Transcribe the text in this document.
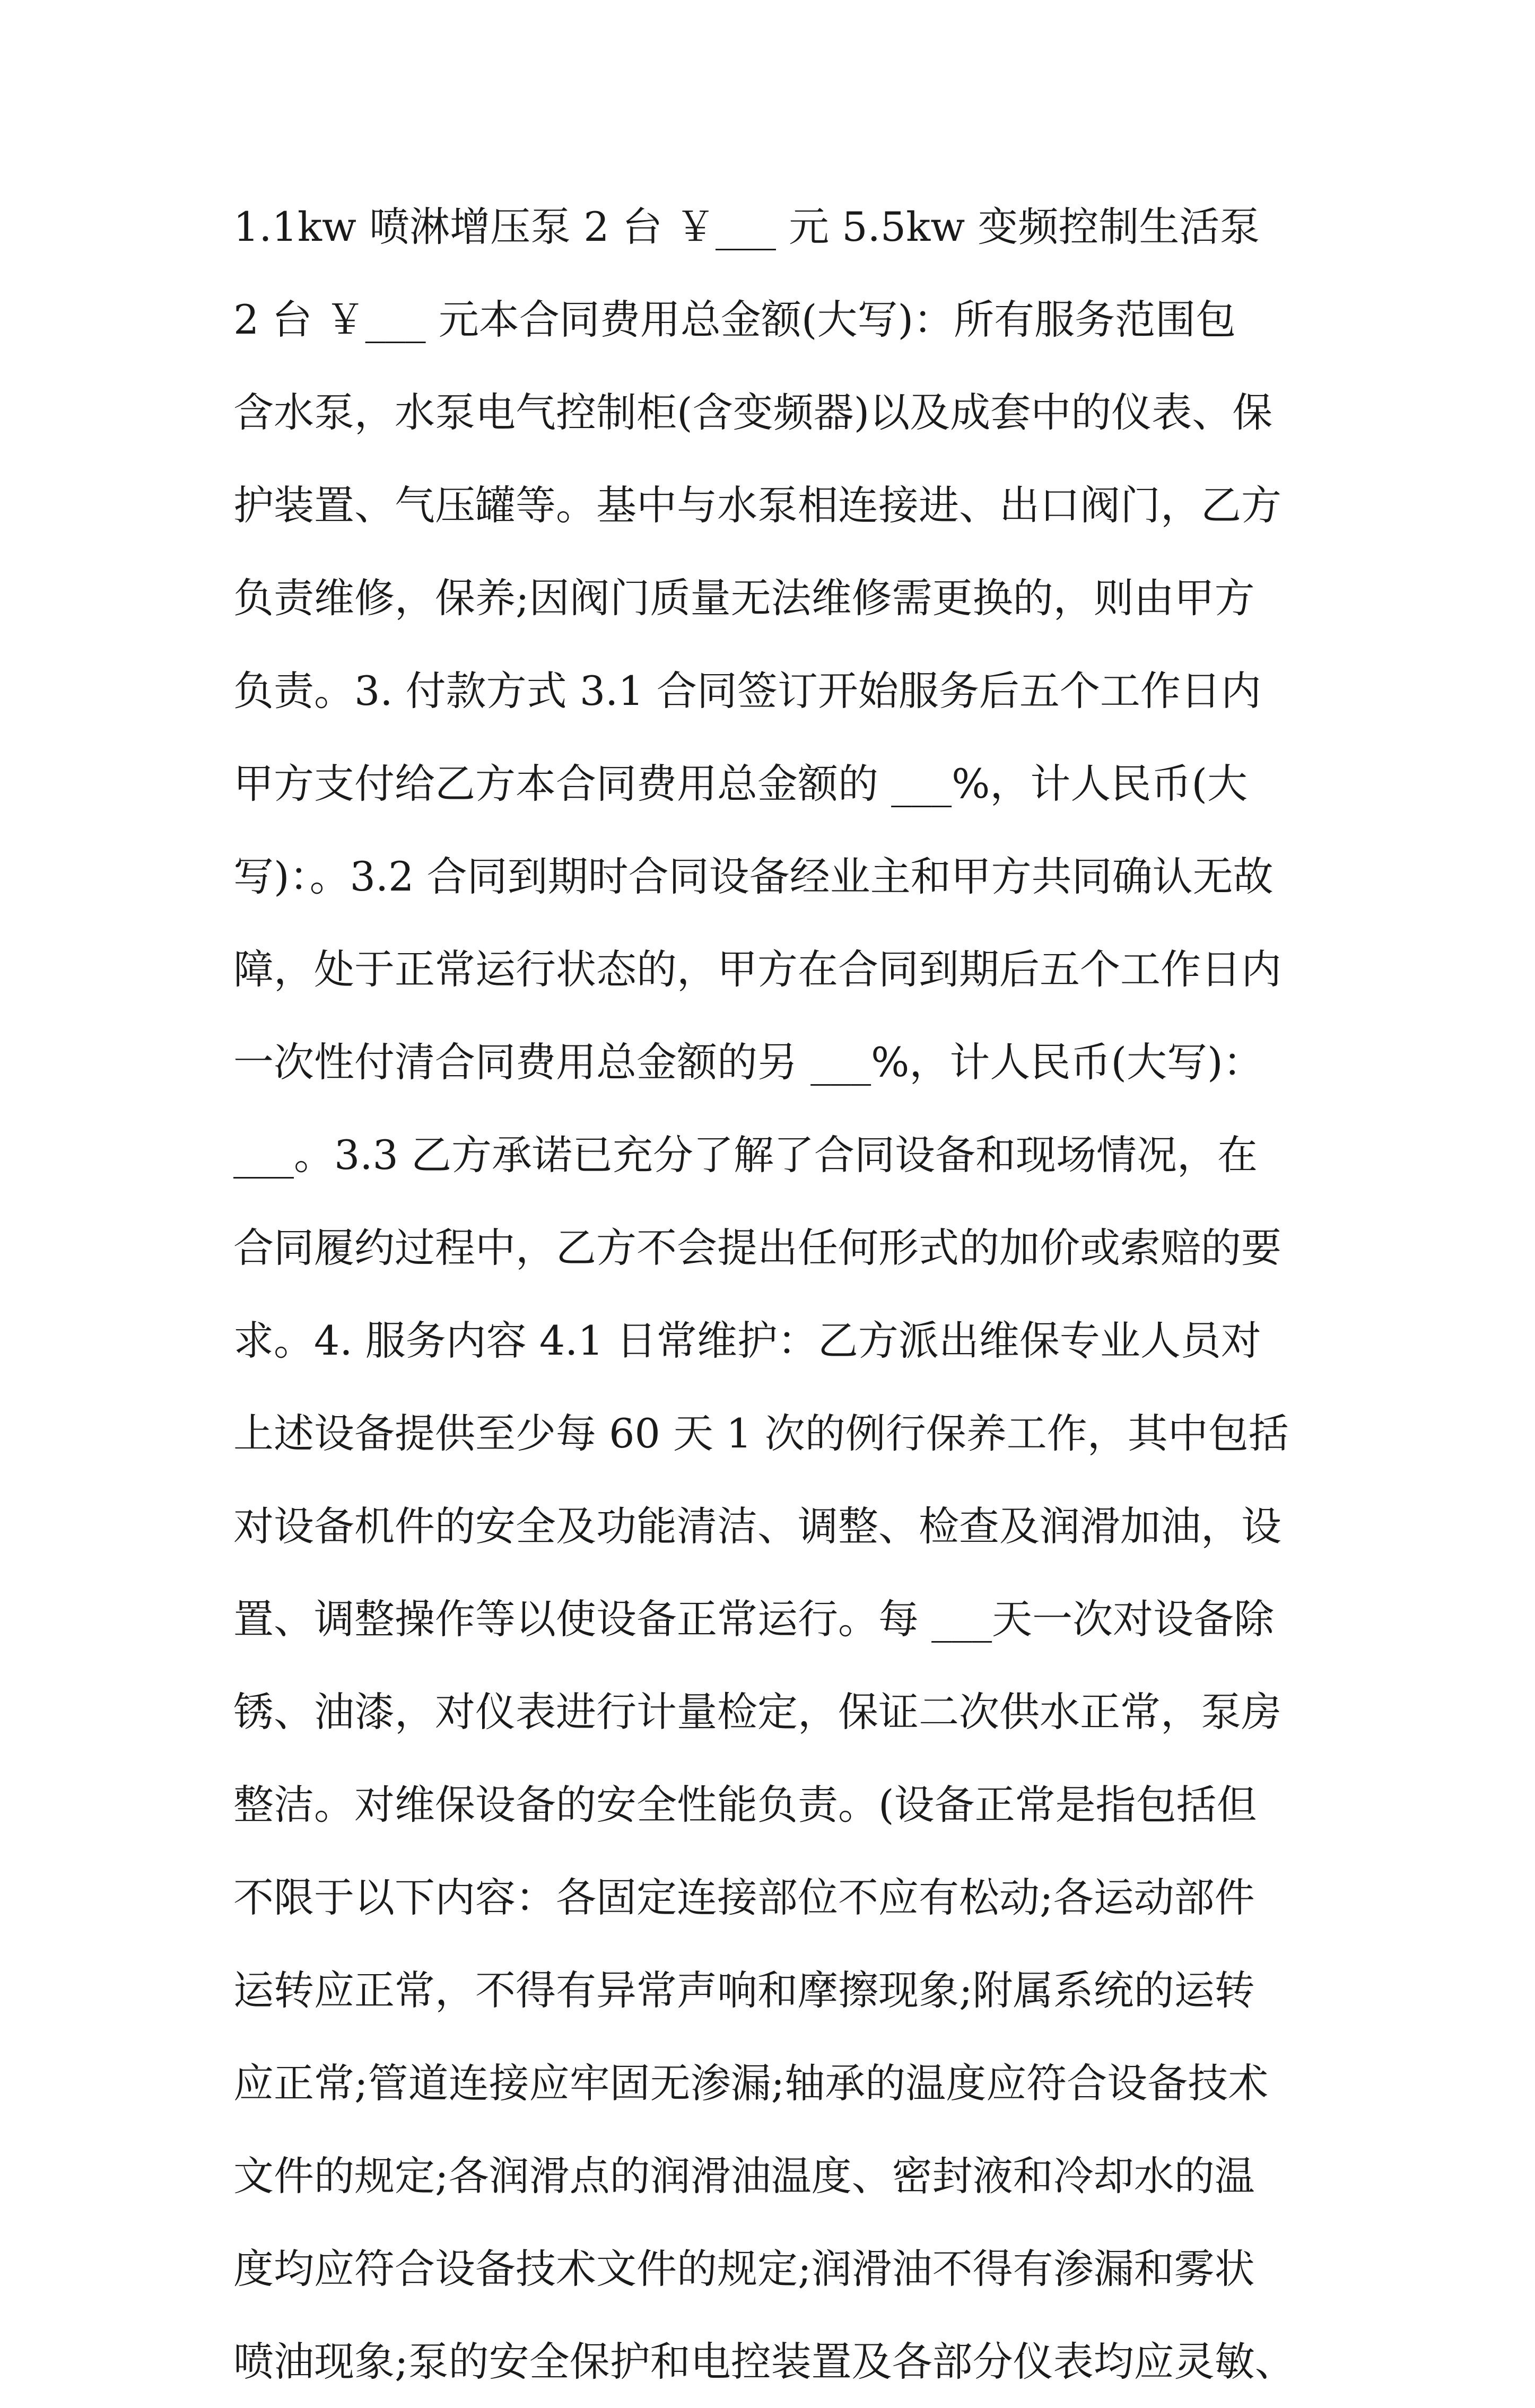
1.1kw 喷淋增压泵 2 台 ￥___ 元 5.5kw 变频控制生活泵
2 台 ￥___ 元本合同费用总金额(大写)：所有服务范围包
含水泵，水泵电气控制柜(含变频器)以及成套中的仪表、保
护装置、气压罐等。基中与水泵相连接进、出口阀门，乙方
负责维修，保养;因阀门质量无法维修需更换的，则由甲方
负责。3. 付款方式 3.1 合同签订开始服务后五个工作日内
甲方支付给乙方本合同费用总金额的 ___%，计人民币(大
写)：。3.2 合同到期时合同设备经业主和甲方共同确认无故
障，处于正常运行状态的，甲方在合同到期后五个工作日内
一次性付清合同费用总金额的另 ___%，计人民币(大写)：
___。3.3 乙方承诺已充分了解了合同设备和现场情况，在
合同履约过程中，乙方不会提出任何形式的加价或索赔的要
求。4. 服务内容 4.1 日常维护：乙方派出维保专业人员对
上述设备提供至少每 60 天 1 次的例行保养工作，其中包括
对设备机件的安全及功能清洁、调整、检查及润滑加油，设
置、调整操作等以使设备正常运行。每 ___天一次对设备除
锈、油漆，对仪表进行计量检定，保证二次供水正常，泵房
整洁。对维保设备的安全性能负责。(设备正常是指包括但
不限于以下内容：各固定连接部位不应有松动;各运动部件
运转应正常，不得有异常声响和摩擦现象;附属系统的运转
应正常;管道连接应牢固无渗漏;轴承的温度应符合设备技术
文件的规定;各润滑点的润滑油温度、密封液和冷却水的温
度均应符合设备技术文件的规定;润滑油不得有渗漏和雾状
喷油现象;泵的安全保护和电控装置及各部分仪表均应灵敏、
